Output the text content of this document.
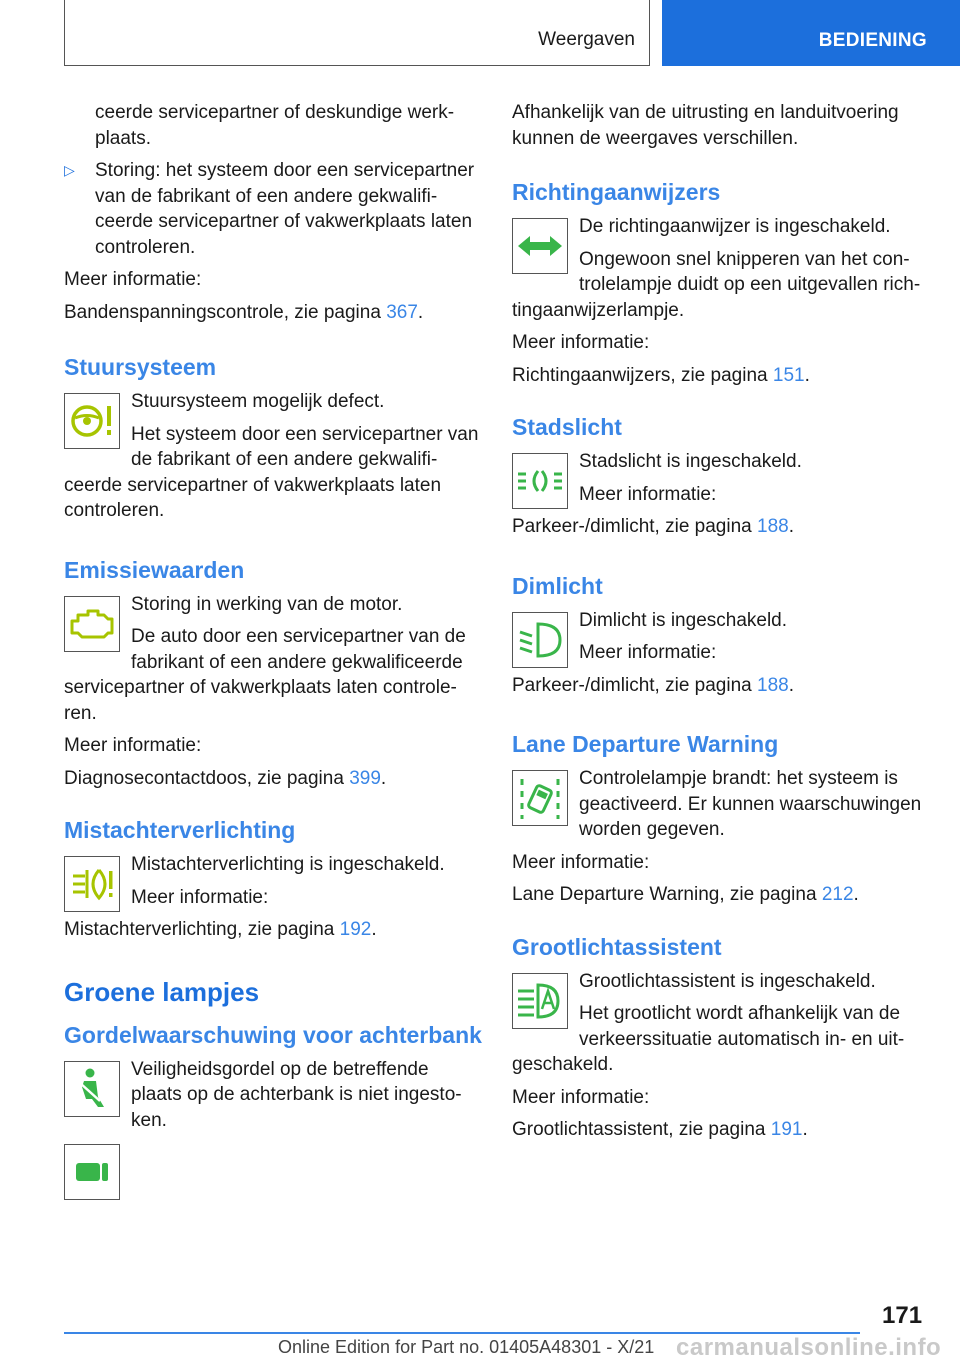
Weergaven	BEDIENING

ceerde servicepartner of deskundige werk-plaats.

▷ Storing: het systeem door een servicepartner van de fabrikant of een andere gekwalifi-ceerde servicepartner of vakwerkplaats laten controleren.

Meer informatie:

Bandenspanningscontrole, zie pagina 367.

Stuursysteem

Stuursysteem mogelijk defect.

Het systeem door een servicepartner van de fabrikant of een andere gekwalifi-ceerde servicepartner of vakwerkplaats laten controleren.

Emissiewaarden

Storing in werking van de motor.

De auto door een servicepartner van de fabrikant of een andere gekwalificeerde servicepartner of vakwerkplaats laten controle-ren.

Meer informatie:

Diagnosecontactdoos, zie pagina 399.

Mistachterverlichting

Mistachterverlichting is ingeschakeld.

Meer informatie:

Mistachterverlichting, zie pagina 192.

Groene lampjes
Gordelwaarschuwing voor achterbank

Veiligheidsgordel op de betreffende plaats op de achterbank is niet ingesto-ken.

Afhankelijk van de uitrusting en landuitvoering kunnen de weergaves verschillen.

Richtingaanwijzers

De richtingaanwijzer is ingeschakeld.

Ongewoon snel knipperen van het con-trolelampje duidt op een uitgevallen rich-tingaanwijzerlampje.

Meer informatie:

Richtingaanwijzers, zie pagina 151.

Stadslicht

Stadslicht is ingeschakeld.

Meer informatie:

Parkeer-/dimlicht, zie pagina 188.

Dimlicht

Dimlicht is ingeschakeld.

Meer informatie:

Parkeer-/dimlicht, zie pagina 188.

Lane Departure Warning

Controlelampje brandt: het systeem is geactiveerd. Er kunnen waarschuwingen worden gegeven.

Meer informatie:

Lane Departure Warning, zie pagina 212.

Grootlichtassistent

Grootlichtassistent is ingeschakeld.

Het grootlicht wordt afhankelijk van de verkeerssituatie automatisch in- en uit-geschakeld.

Meer informatie:

Grootlichtassistent, zie pagina 191.

171
Online Edition for Part no. 01405A48301 - X/21 carmanualsonline.info
